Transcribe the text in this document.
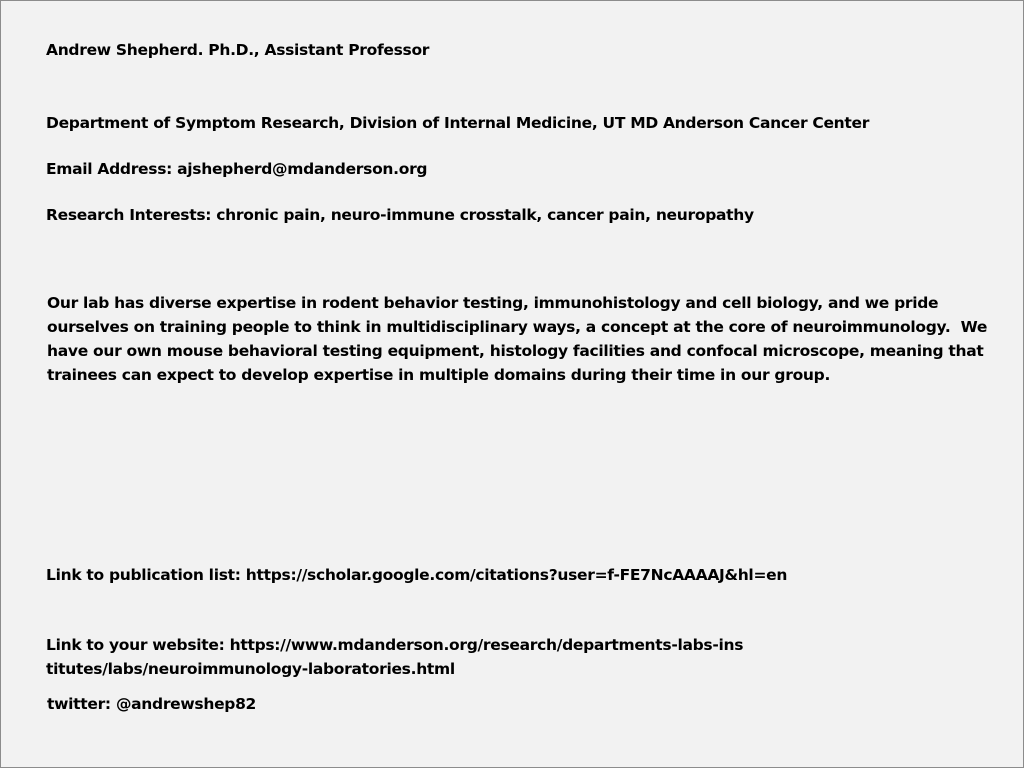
Andrew Shepherd. Ph.D., Assistant Professor
Department of Symptom Research, Division of Internal Medicine, UT MD Anderson Cancer Center
Email Address: ajshepherd@mdanderson.org
Research Interests: chronic pain, neuro-immune crosstalk, cancer pain, neuropathy
Our lab has diverse expertise in rodent behavior testing, immunohistology and cell biology, and we pride ourselves on training people to think in multidisciplinary ways, a concept at the core of neuroimmunology.  We have our own mouse behavioral testing equipment, histology facilities and confocal microscope, meaning that trainees can expect to develop expertise in multiple domains during their time in our group.
Link to publication list: https://scholar.google.com/citations?user=f-FE7NcAAAAJ&hl=en
Link to your website: https://www.mdanderson.org/research/departments-labs-institutes/labs/neuroimmunology-laboratories.html
twitter: @andrewshep82
